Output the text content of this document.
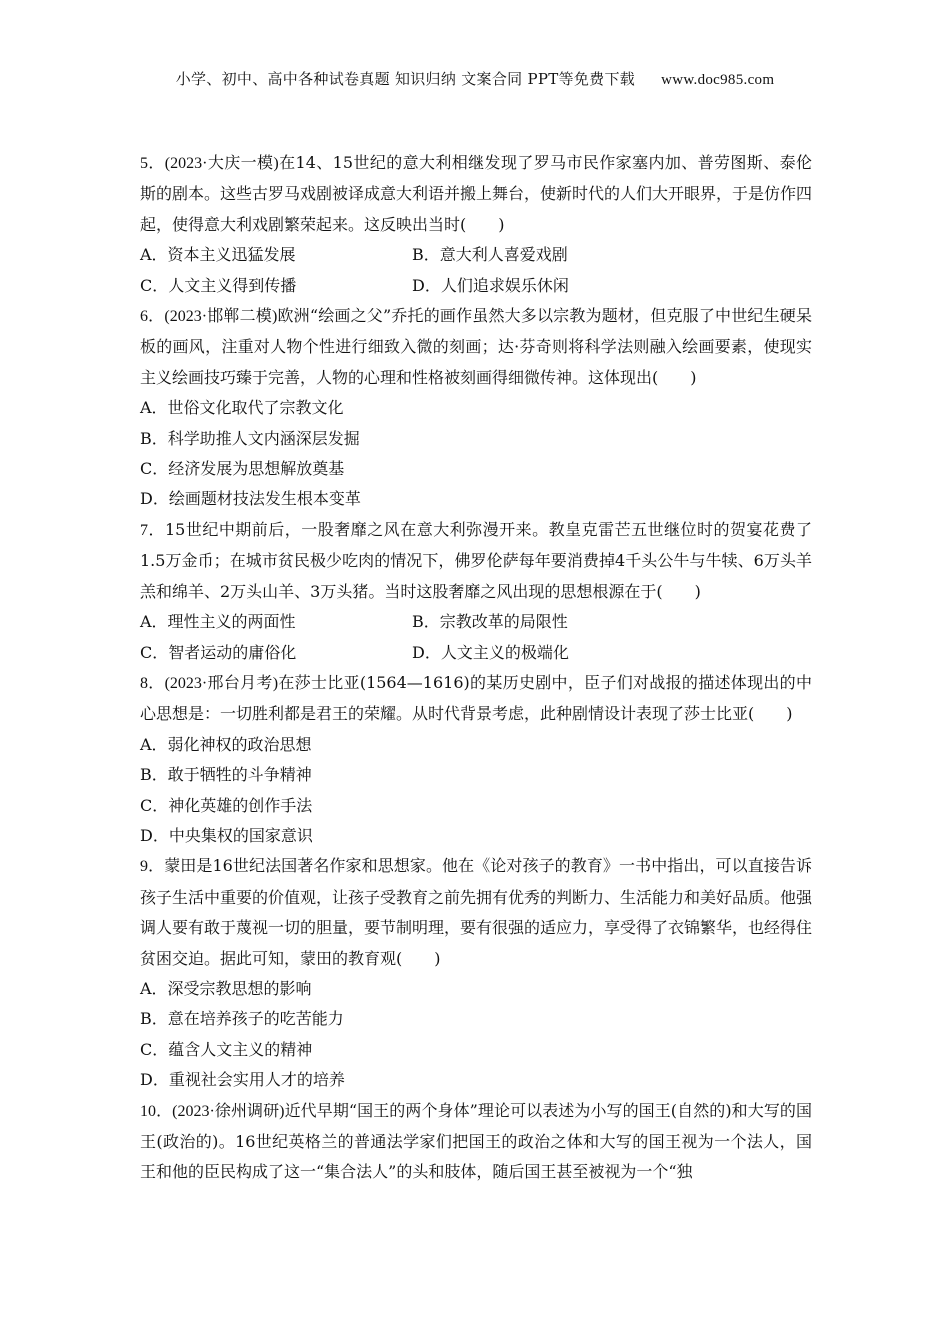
小学、初中、高中各种试卷真题 知识归纳 文案合同 PPT等免费下载 www.doc985.com

5．(2023·大庆一模)在14、15世纪的意大利相继发现了罗马市民作家塞内加、普劳图斯、泰伦斯的剧本。这些古罗马戏剧被译成意大利语并搬上舞台，使新时代的人们大开眼界，于是仿作四起，使得意大利戏剧繁荣起来。这反映出当时(　　)

A．资本主义迅猛发展	B．意大利人喜爱戏剧
C．人文主义得到传播	D．人们追求娱乐休闲

6．(2023·邯郸二模)欧洲“绘画之父”乔托的画作虽然大多以宗教为题材，但克服了中世纪生硬呆板的画风，注重对人物个性进行细致入微的刻画；达·芬奇则将科学法则融入绘画要素，使现实主义绘画技巧臻于完善，人物的心理和性格被刻画得细微传神。这体现出(　　)

A．世俗文化取代了宗教文化
B．科学助推人文内涵深层发掘
C．经济发展为思想解放奠基
D．绘画题材技法发生根本变革

7．15世纪中期前后，一股奢靡之风在意大利弥漫开来。教皇克雷芒五世继位时的贺宴花费了1.5万金币；在城市贫民极少吃肉的情况下，佛罗伦萨每年要消费掉4千头公牛与牛犊、6万头羊羔和绵羊、2万头山羊、3万头猪。当时这股奢靡之风出现的思想根源在于(　　)

A．理性主义的两面性	B．宗教改革的局限性
C．智者运动的庸俗化	D．人文主义的极端化

8．(2023·邢台月考)在莎士比亚(1564—1616)的某历史剧中，臣子们对战报的描述体现出的中心思想是：一切胜利都是君王的荣耀。从时代背景考虑，此种剧情设计表现了莎士比亚(　　)

A．弱化神权的政治思想
B．敢于牺牲的斗争精神
C．神化英雄的创作手法
D．中央集权的国家意识

9．蒙田是16世纪法国著名作家和思想家。他在《论对孩子的教育》一书中指出，可以直接告诉孩子生活中重要的价值观，让孩子受教育之前先拥有优秀的判断力、生活能力和美好品质。他强调人要有敢于蔑视一切的胆量，要节制明理，要有很强的适应力，享受得了衣锦繁华，也经得住贫困交迫。据此可知，蒙田的教育观(　　)

A．深受宗教思想的影响
B．意在培养孩子的吃苦能力
C．蕴含人文主义的精神
D．重视社会实用人才的培养

10．(2023·徐州调研)近代早期“国王的两个身体”理论可以表述为小写的国王(自然的)和大写的国王(政治的)。16世纪英格兰的普通法学家们把国王的政治之体和大写的国王视为一个法人，国王和他的臣民构成了这一“集合法人”的头和肢体，随后国王甚至被视为一个“独
